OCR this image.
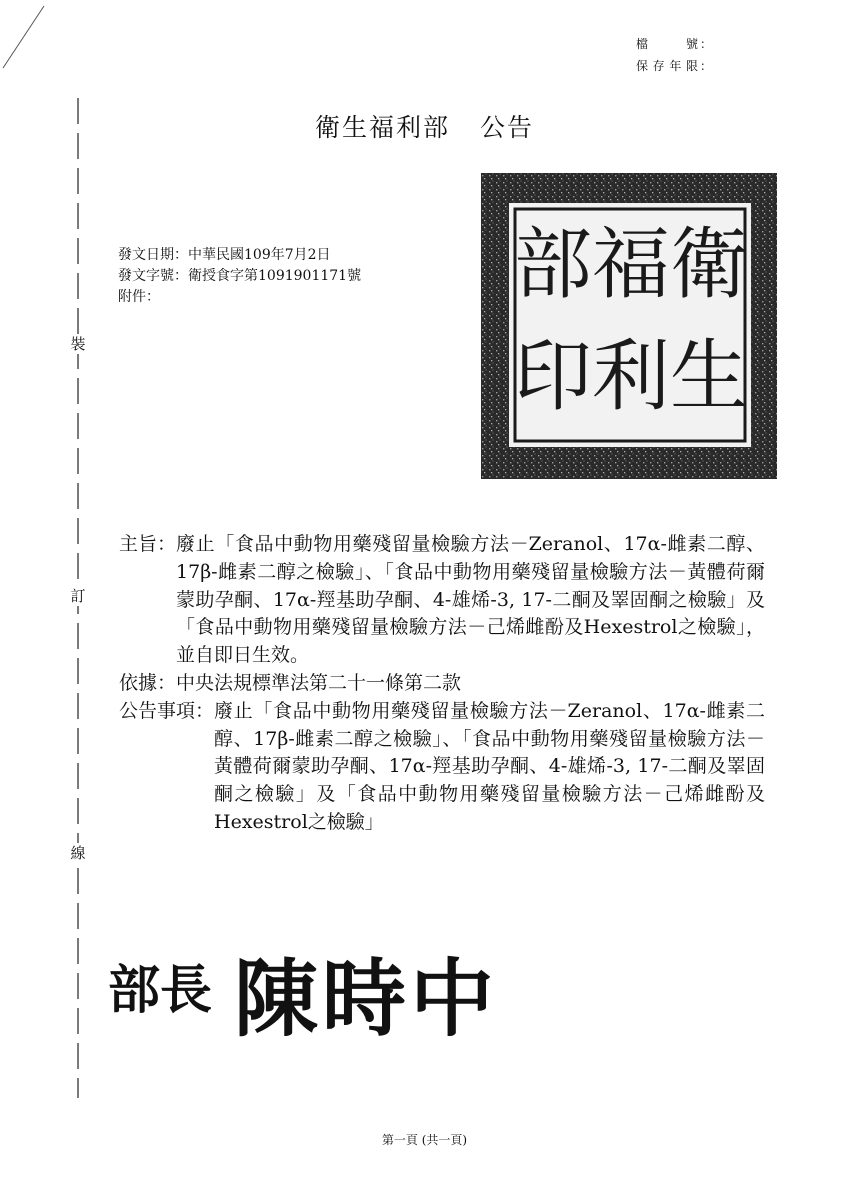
檔號 ：
保存年限 ：
裝
訂
線
衛生福利部 公告
發文日期：中華民國109年7月2日
發文字號：衛授食字第1091901171號
附件：	衛
生
福
利
部
印
主旨： 廢止「食品中動物用藥殘留量檢驗方法－Zeranol、17α-雌素二醇、17β-雌素二醇之檢驗」、「食品中動物用藥殘留量檢驗方法－黃體荷爾蒙助孕酮、17α-羥基助孕酮、4-雄烯-3, 17-二酮及睪固酮之檢驗」及「食品中動物用藥殘留量檢驗方法－己烯雌酚及Hexestrol之檢驗」，並自即日生效。
依據： 中央法規標準法第二十一條第二款
公告事項： 廢止「食品中動物用藥殘留量檢驗方法－Zeranol、17α-雌素二醇、17β-雌素二醇之檢驗」、「食品中動物用藥殘留量檢驗方法－黃體荷爾蒙助孕酮、17α-羥基助孕酮、4-雄烯-3, 17-二酮及睪固酮之檢驗」及「食品中動物用藥殘留量檢驗方法－己烯雌酚及Hexestrol之檢驗」
部長 陳時中
第一頁 (共一頁)
